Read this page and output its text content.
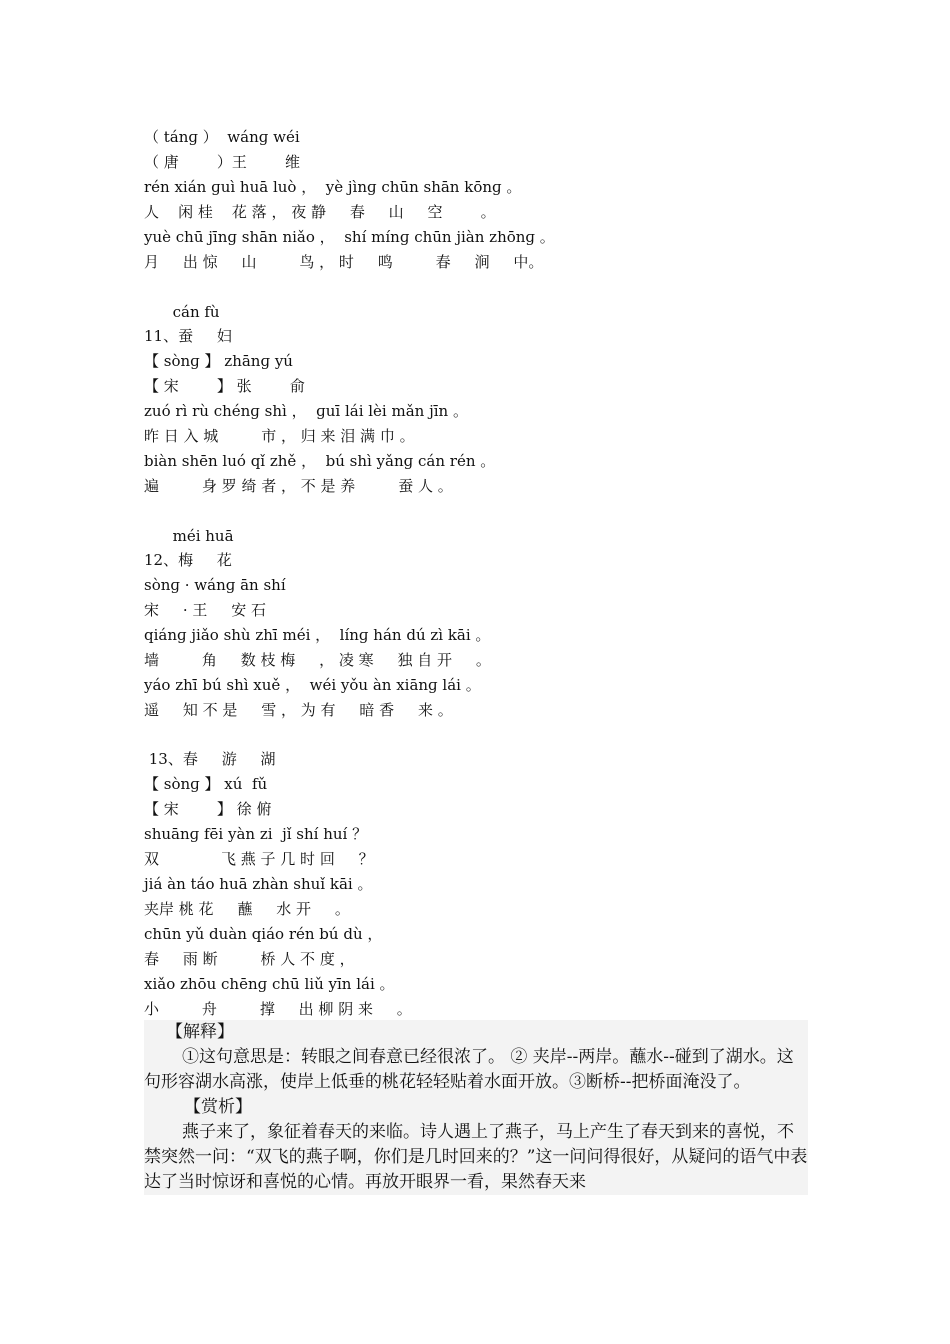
（ tánɡ ）  wánɡ wéi
（ 唐        ）王        维
rén xián ɡuì huā luò ，  yè jìnɡ chūn shān kōnɡ 。
人    闲 桂    花 落 ， 夜 静     春     山     空        。
yuè chū jīnɡ shān niǎo ，  shí mínɡ chūn jiàn zhōnɡ 。
月     出 惊     山         鸟 ， 时     鸣         春     涧     中。
cán fù
11、蚕     妇
【 sònɡ 】 zhānɡ yú
【 宋        】 张        俞
zuó rì rù chénɡ shì ，  ɡuī lái lèi mǎn jīn 。
昨 日 入 城         市 ， 归 来 泪 满 巾 。
biàn shēn luó qǐ zhě ，  bú shì yǎnɡ cán rén 。
遍         身 罗 绮 者 ， 不 是 养         蚕 人 。
méi huā
12、梅     花
sònɡ · wánɡ ān shí
宋     · 王     安 石
qiánɡ jiǎo shù zhī méi ，  línɡ hán dú zì kāi 。
墙         角     数 枝 梅     ， 凌 寒     独 自 开     。
yáo zhī bú shì xuě ，  wéi yǒu àn xiānɡ lái 。
遥     知 不 是     雪 ， 为 有     暗 香     来 。
13、春     游     湖
【 sònɡ 】 xú  fǔ
【 宋        】 徐 俯
shuānɡ fēi yàn zi  jǐ shí huí ？
双             飞 燕 子 几 时 回     ？
jiá àn táo huā zhàn shuǐ kāi 。
夹岸 桃 花     蘸     水 开     。
chūn yǔ duàn qiáo rén bú dù ，
春     雨 断         桥 人 不 度 ，
xiǎo zhōu chēnɡ chū liǔ yīn lái 。
小         舟         撑     出 柳 阴 来     。

【解释】

①这句意思是：转眼之间春意已经很浓了。 ② 夹岸--两岸。蘸水--碰到了湖水。这句形容湖水高涨，使岸上低垂的桃花轻轻贴着水面开放。③断桥--把桥面淹没了。

【赏析】

燕子来了，象征着春天的来临。诗人遇上了燕子，马上产生了春天到来的喜悦，不禁突然一问：“双飞的燕子啊，你们是几时回来的？”这一问问得很好，从疑问的语气中表达了当时惊讶和喜悦的心情。再放开眼界一看，果然春天来
